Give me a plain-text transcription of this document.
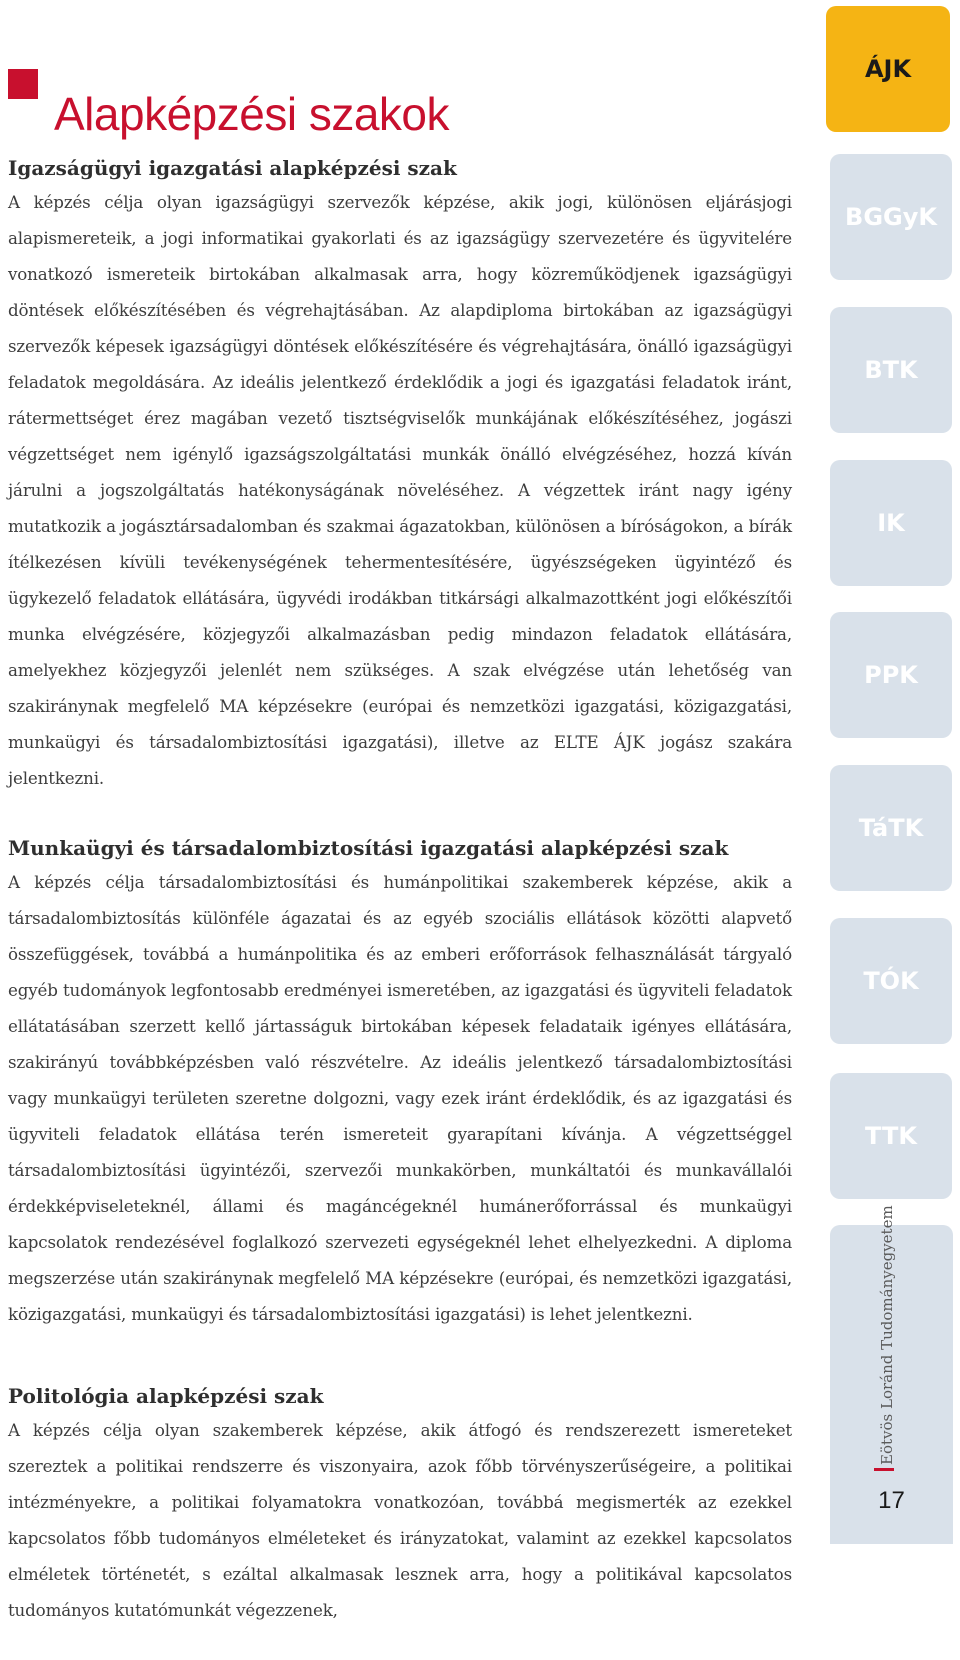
Alapképzési szakok
Igazságügyi igazgatási alapképzési szak

A képzés célja olyan igazságügyi szervezők képzése, akik jogi, különösen eljárásjogi alapismereteik, a jogi informatikai gyakorlati és az igazságügy szervezetére és ügyvitelére vonatkozó ismereteik birtokában alkalmasak arra, hogy közreműködjenek igazságügyi döntések előkészítésében és végrehajtásában. Az alapdiploma birtokában az igazságügyi szervezők képesek igazságügyi döntések előkészítésére és végrehajtására, önálló igazságügyi feladatok megoldására. Az ideális jelentkező érdeklődik a jogi és igazgatási feladatok iránt, rátermettséget érez magában vezető tisztségviselők munkájának előkészítéséhez, jogászi végzettséget nem igénylő igazságszolgáltatási munkák önálló elvégzéséhez, hozzá kíván járulni a jogszolgáltatás hatékonyságának növeléséhez. A végzettek iránt nagy igény mutatkozik a jogásztársadalomban és szakmai ágazatokban, különösen a bíróságokon, a bírák ítélkezésen kívüli tevékenységének tehermentesítésére, ügyészségeken ügyintéző és ügykezelő feladatok ellátására, ügyvédi irodákban titkársági alkalmazottként jogi előkészítői munka elvégzésére, közjegyzői alkalmazásban pedig mindazon feladatok ellátására, amelyekhez közjegyzői jelenlét nem szükséges. A szak elvégzése után lehetőség van szakiránynak megfelelő MA képzésekre (európai és nemzetközi igazgatási, közigazgatási, munkaügyi és társadalombiztosítási igazgatási), illetve az ELTE ÁJK jogász szakára jelentkezni.

Munkaügyi és társadalombiztosítási igazgatási alapképzési szak

A képzés célja társadalombiztosítási és humánpolitikai szakemberek képzése, akik a társadalombiztosítás különféle ágazatai és az egyéb szociális ellátások közötti alapvető összefüggések, továbbá a humánpolitika és az emberi erőforrások felhasználását tárgyaló egyéb tudományok legfontosabb eredményei ismeretében, az igazgatási és ügyviteli feladatok ellátatásában szerzett kellő jártasságuk birtokában képesek feladataik igényes ellátására, szakirányú továbbképzésben való részvételre. Az ideális jelentkező társadalombiztosítási vagy munkaügyi területen szeretne dolgozni, vagy ezek iránt érdeklődik, és az igazgatási és ügyviteli feladatok ellátása terén ismereteit gyarapítani kívánja. A végzettséggel társadalombiztosítási ügyintézői, szervezői munkakörben, munkáltatói és munkavállalói érdekképviseleteknél, állami és magáncégeknél humánerőforrással és munkaügyi kapcsolatok rendezésével foglalkozó szervezeti egységeknél lehet elhelyezkedni. A diploma megszerzése után szakiránynak megfelelő MA képzésekre (európai, és nemzetközi igazgatási, közigazgatási, munkaügyi és társadalombiztosítási igazgatási) is lehet jelentkezni.

Politológia alapképzési szak

A képzés célja olyan szakemberek képzése, akik átfogó és rendszerezett ismereteket szereztek a politikai rendszerre és viszonyaira, azok főbb törvényszerűségeire, a politikai intézményekre, a politikai folyamatokra vonatkozóan, továbbá megismerték az ezekkel kapcsolatos főbb tudományos elméleteket és irányzatokat, valamint az ezekkel kapcsolatos elméletek történetét, s ezáltal alkalmasak lesznek arra, hogy a politikával kapcsolatos tudományos kutatómunkát végezzenek,

ÁJK
BGGyK
BTK
IK
PPK
TáTK
TÓK
TTK
Eötvös Loránd Tudományegyetem
17
